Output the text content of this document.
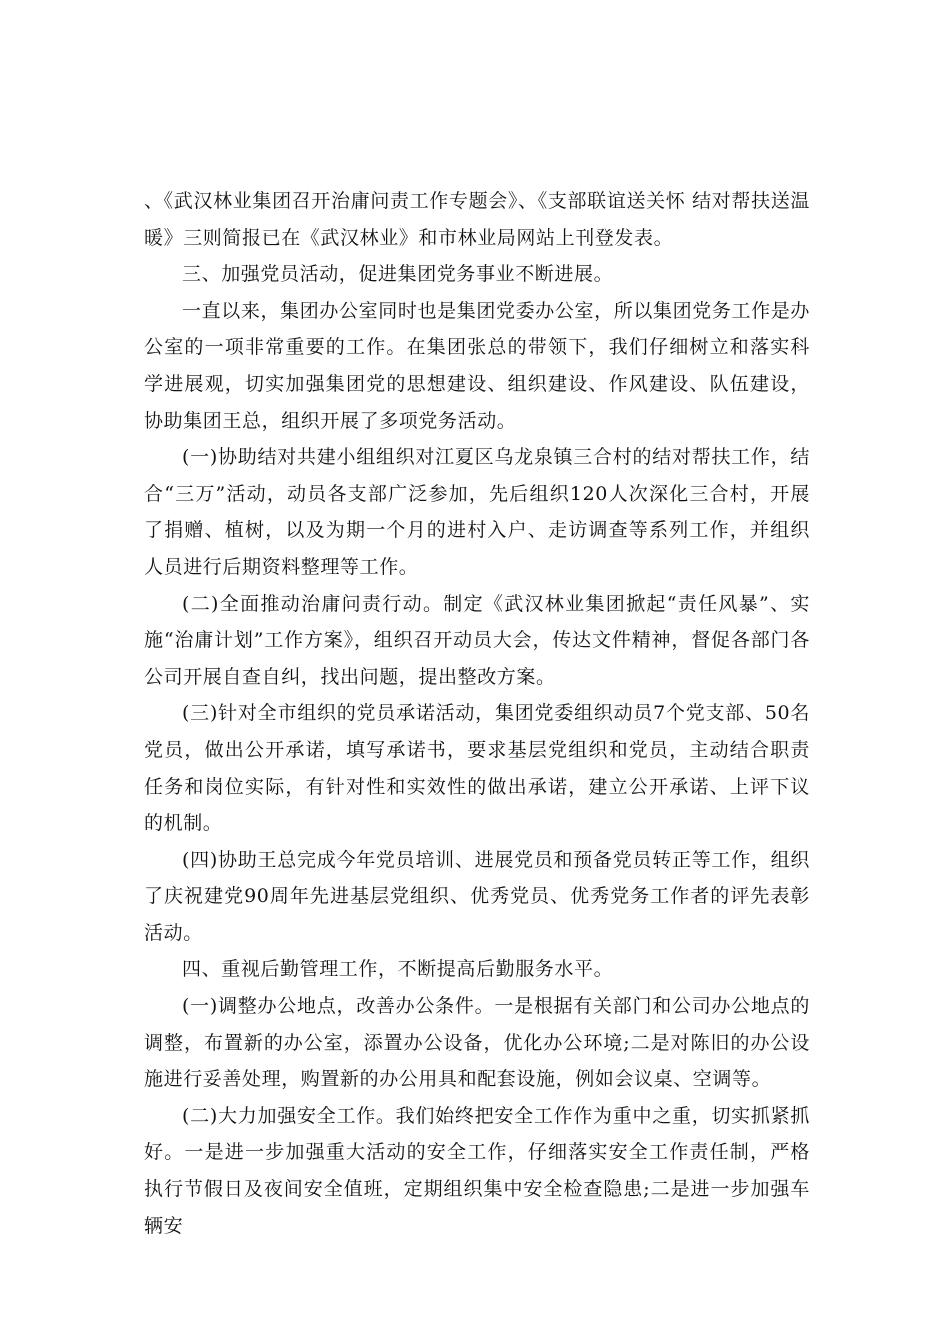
、《武汉林业集团召开治庸问责工作专题会》、《支部联谊送关怀 结对帮扶送温暖》三则简报已在《武汉林业》和市林业局网站上刊登发表。

三、加强党员活动，促进集团党务事业不断进展。

一直以来，集团办公室同时也是集团党委办公室，所以集团党务工作是办公室的一项非常重要的工作。在集团张总的带领下，我们仔细树立和落实科学进展观，切实加强集团党的思想建设、组织建设、作风建设、队伍建设，协助集团王总，组织开展了多项党务活动。

(一)协助结对共建小组组织对江夏区乌龙泉镇三合村的结对帮扶工作，结合“三万”活动，动员各支部广泛参加，先后组织120人次深化三合村，开展了捐赠、植树，以及为期一个月的进村入户、走访调查等系列工作，并组织人员进行后期资料整理等工作。

(二)全面推动治庸问责行动。制定《武汉林业集团掀起“责任风暴”、实施“治庸计划”工作方案》，组织召开动员大会，传达文件精神，督促各部门各公司开展自查自纠，找出问题，提出整改方案。

(三)针对全市组织的党员承诺活动，集团党委组织动员7个党支部、50名党员，做出公开承诺，填写承诺书，要求基层党组织和党员，主动结合职责任务和岗位实际，有针对性和实效性的做出承诺，建立公开承诺、上评下议的机制。

(四)协助王总完成今年党员培训、进展党员和预备党员转正等工作，组织了庆祝建党90周年先进基层党组织、优秀党员、优秀党务工作者的评先表彰活动。

四、重视后勤管理工作，不断提高后勤服务水平。

(一)调整办公地点，改善办公条件。一是根据有关部门和公司办公地点的调整，布置新的办公室，添置办公设备，优化办公环境;二是对陈旧的办公设施进行妥善处理，购置新的办公用具和配套设施，例如会议桌、空调等。

(二)大力加强安全工作。我们始终把安全工作作为重中之重，切实抓紧抓好。一是进一步加强重大活动的安全工作，仔细落实安全工作责任制，严格执行节假日及夜间安全值班，定期组织集中安全检查隐患;二是进一步加强车辆安
